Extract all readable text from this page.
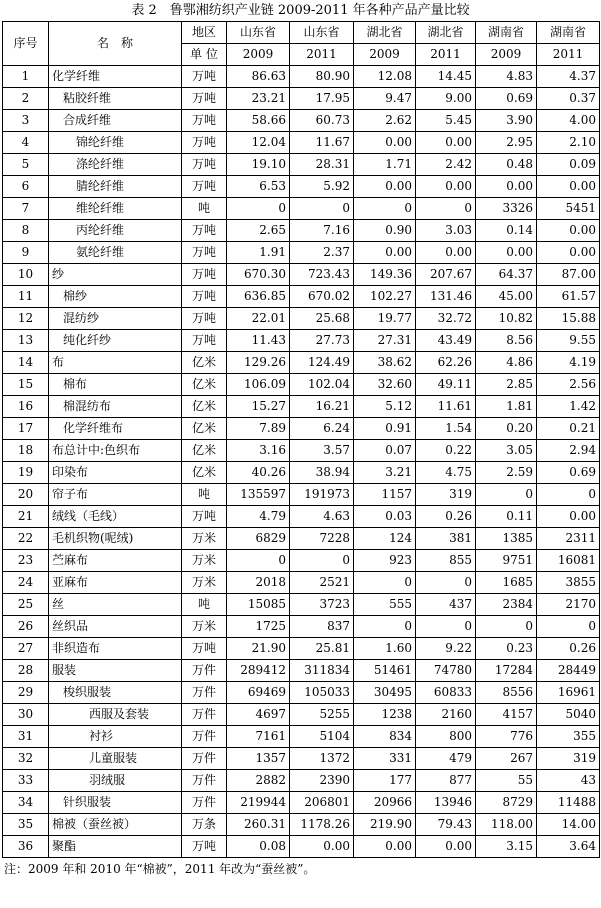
表 2　鲁鄂湘纺织产业链 2009-2011 年各种产品产量比较
序号	名　称	地区	山东省	山东省	湖北省	湖北省	湖南省	湖南省
		单 位	2009	2011	2009	2011	2009	2011
1	化学纤维	万吨	86.63	80.90	12.08	14.45	4.83	4.37
2	粘胶纤维	万吨	23.21	17.95	9.47	9.00	0.69	0.37
3	合成纤维	万吨	58.66	60.73	2.62	5.45	3.90	4.00
4	锦纶纤维	万吨	12.04	11.67	0.00	0.00	2.95	2.10
5	涤纶纤维	万吨	19.10	28.31	1.71	2.42	0.48	0.09
6	腈纶纤维	万吨	6.53	5.92	0.00	0.00	0.00	0.00
7	维纶纤维	吨	0	0	0	0	3326	5451
8	丙纶纤维	万吨	2.65	7.16	0.90	3.03	0.14	0.00
9	氨纶纤维	万吨	1.91	2.37	0.00	0.00	0.00	0.00
10	纱	万吨	670.30	723.43	149.36	207.67	64.37	87.00
11	棉纱	万吨	636.85	670.02	102.27	131.46	45.00	61.57
12	混纺纱	万吨	22.01	25.68	19.77	32.72	10.82	15.88
13	纯化纤纱	万吨	11.43	27.73	27.31	43.49	8.56	9.55
14	布	亿米	129.26	124.49	38.62	62.26	4.86	4.19
15	棉布	亿米	106.09	102.04	32.60	49.11	2.85	2.56
16	棉混纺布	亿米	15.27	16.21	5.12	11.61	1.81	1.42
17	化学纤维布	亿米	7.89	6.24	0.91	1.54	0.20	0.21
18	布总计中:色织布	亿米	3.16	3.57	0.07	0.22	3.05	2.94
19	印染布	亿米	40.26	38.94	3.21	4.75	2.59	0.69
20	帘子布	吨	135597	191973	1157	319	0	0
21	绒线（毛线）	万吨	4.79	4.63	0.03	0.26	0.11	0.00
22	毛机织物(呢绒)	万米	6829	7228	124	381	1385	2311
23	苎麻布	万米	0	0	923	855	9751	16081
24	亚麻布	万米	2018	2521	0	0	1685	3855
25	丝	吨	15085	3723	555	437	2384	2170
26	丝织品	万米	1725	837	0	0	0	0
27	非织造布	万吨	21.90	25.81	1.60	9.22	0.23	0.26
28	服装	万件	289412	311834	51461	74780	17284	28449
29	梭织服装	万件	69469	105033	30495	60833	8556	16961
30	西服及套装	万件	4697	5255	1238	2160	4157	5040
31	衬衫	万件	7161	5104	834	800	776	355
32	儿童服装	万件	1357	1372	331	479	267	319
33	羽绒服	万件	2882	2390	177	877	55	43
34	针织服装	万件	219944	206801	20966	13946	8729	11488
35	棉被（蚕丝被）	万条	260.31	1178.26	219.90	79.43	118.00	14.00
36	聚酯	万吨	0.08	0.00	0.00	0.00	3.15	3.64
注：2009 年和 2010 年“棉被”，2011 年改为“蚕丝被”。
